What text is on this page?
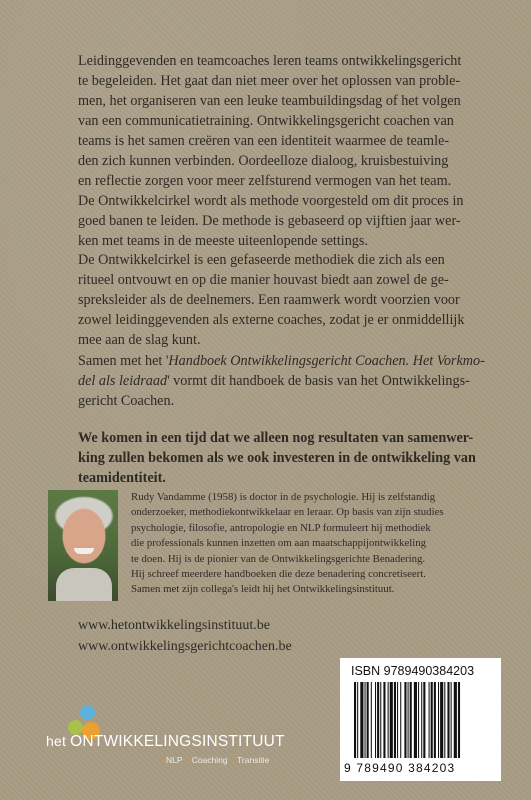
Leidinggevenden en teamcoaches leren teams ontwikkelingsgericht
te begeleiden. Het gaat dan niet meer over het oplossen van proble-
men, het organiseren van een leuke teambuildingsdag of het volgen
van een communicatietraining. Ontwikkelingsgericht coachen van
teams is het samen creëren van een identiteit waarmee de teamle-
den zich kunnen verbinden. Oordeelloze dialoog, kruisbestuiving
en reflectie zorgen voor meer zelfsturend vermogen van het team.
De Ontwikkelcirkel wordt als methode voorgesteld om dit proces in
goed banen te leiden. De methode is gebaseerd op vijftien jaar wer-
ken met teams in de meeste uiteenlopende settings.

De Ontwikkelcirkel is een gefaseerde methodiek die zich als een
ritueel ontvouwt en op die manier houvast biedt aan zowel de ge-
spreksleider als de deelnemers. Een raamwerk wordt voorzien voor
zowel leidinggevenden als externe coaches, zodat je er onmiddellijk
mee aan de slag kunt.

Samen met het 'Handboek Ontwikkelingsgericht Coachen. Het Vorkmo-
del als leidraad' vormt dit handboek de basis van het Ontwikkelings-
gericht Coachen.

We komen in een tijd dat we alleen nog resultaten van samenwer-
king zullen bekomen als we ook investeren in de ontwikkeling van
teamidentiteit.

Rudy Vandamme (1958) is doctor in de psychologie. Hij is zelfstandig
onderzoeker, methodiekontwikkelaar en leraar. Op basis van zijn studies
psychologie, filosofie, antropologie en NLP formuleert hij methodiek
die professionals kunnen inzetten om aan maatschappijontwikkeling
te doen. Hij is de pionier van de Ontwikkelingsgerichte Benadering.
Hij schreef meerdere handboeken die deze benadering concretiseert.
Samen met zijn collega's leidt hij het Ontwikkelingsinstituut.
www.hetontwikkelingsinstituut.be
www.ontwikkelingsgerichtcoachen.be
het ONTWIKKELINGSINSTITUUT
• NLP • Coaching • Transitie
ISBN 9789490384203
9 789490 384203
